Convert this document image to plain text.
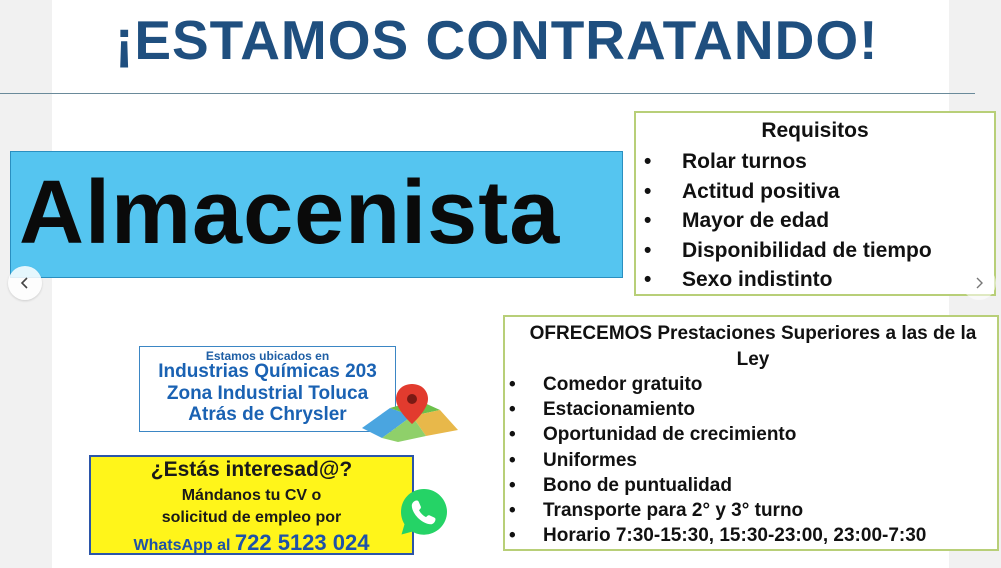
¡ESTAMOS CONTRATANDO!
Almacenista
Requisitos
• Rolar turnos
• Actitud positiva
• Mayor de edad
• Disponibilidad de tiempo
• Sexo indistinto
OFRECEMOS Prestaciones Superiores a las de la Ley
• Comedor gratuito
• Estacionamiento
• Oportunidad de crecimiento
• Uniformes
• Bono de puntualidad
• Transporte para 2° y 3° turno
• Horario 7:30-15:30, 15:30-23:00, 23:00-7:30
Estamos ubicados en
Industrias Químicas 203
Zona Industrial Toluca
Atrás de Chrysler
¿Estás interesad@?
Mándanos tu CV o
solicitud de empleo por
WhatsApp al 722 5123 024
